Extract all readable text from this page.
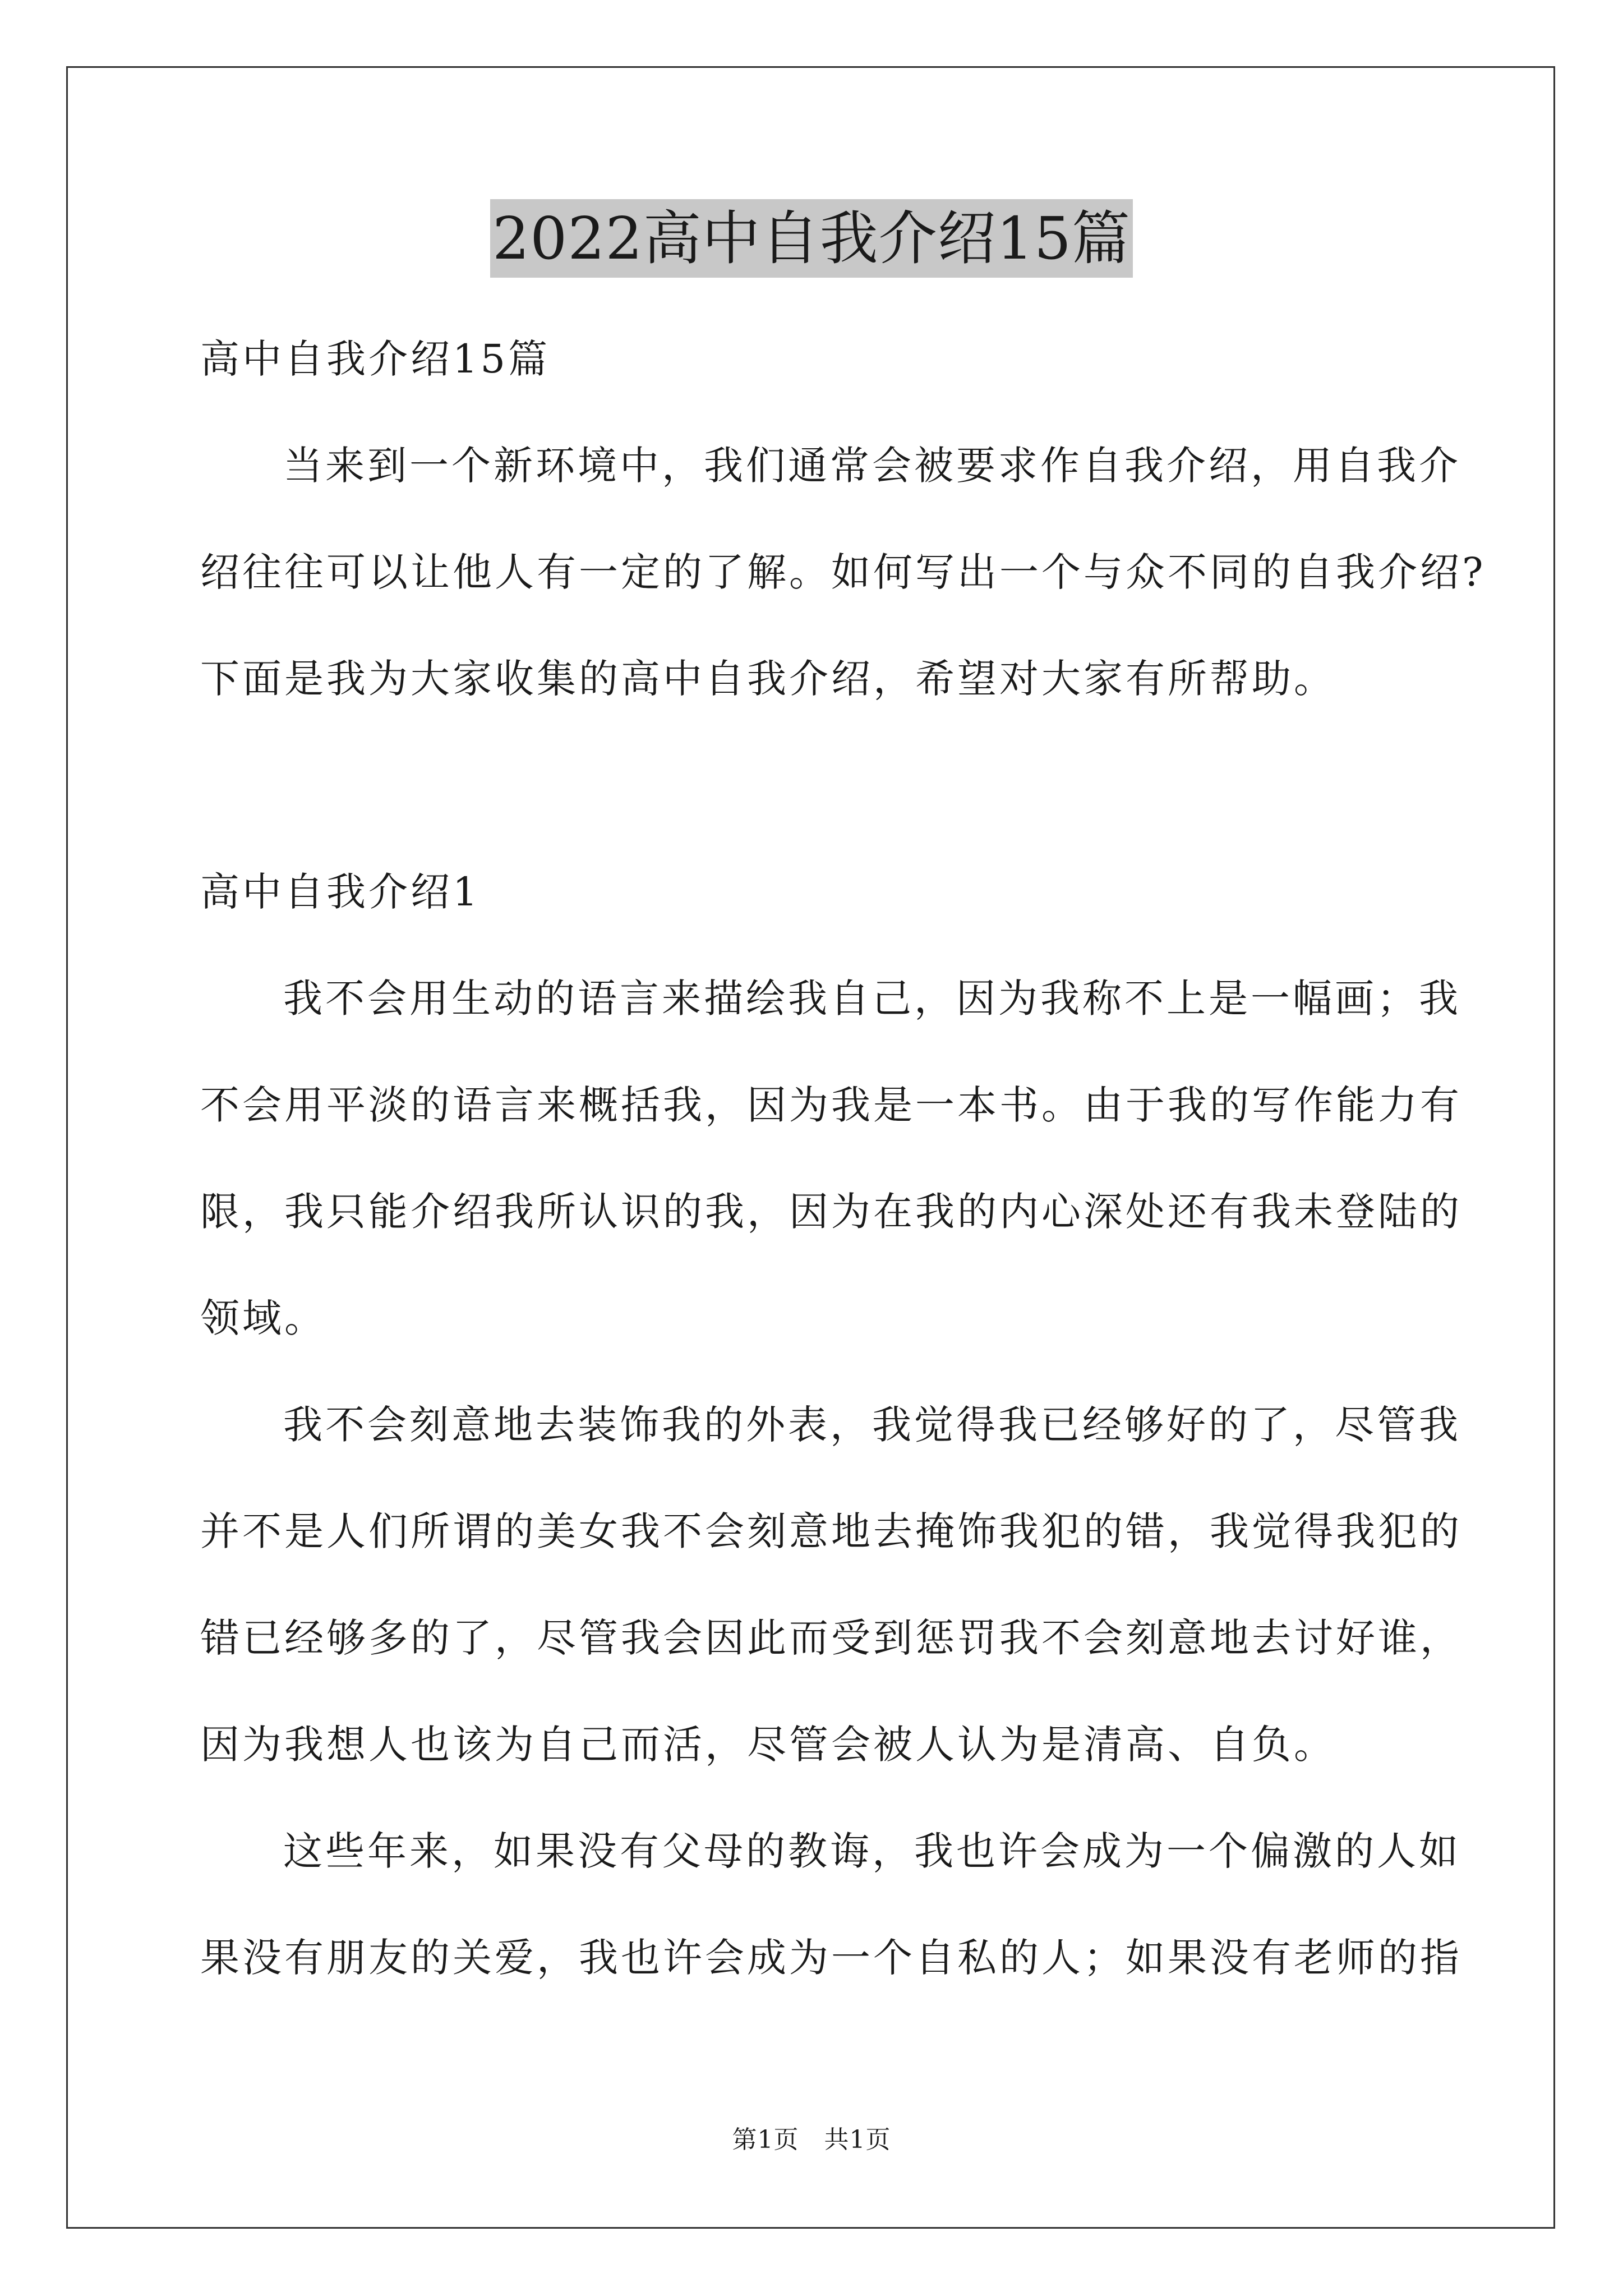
2022高中自我介绍15篇
高中自我介绍15篇
当来到一个新环境中，我们通常会被要求作自我介绍，用自我介
绍往往可以让他人有一定的了解。如何写出一个与众不同的自我介绍?
下面是我为大家收集的高中自我介绍，希望对大家有所帮助。
高中自我介绍1
我不会用生动的语言来描绘我自己，因为我称不上是一幅画；我
不会用平淡的语言来概括我，因为我是一本书。由于我的写作能力有
限，我只能介绍我所认识的我，因为在我的内心深处还有我未登陆的
领域。
我不会刻意地去装饰我的外表，我觉得我已经够好的了，尽管我
并不是人们所谓的美女我不会刻意地去掩饰我犯的错，我觉得我犯的
错已经够多的了，尽管我会因此而受到惩罚我不会刻意地去讨好谁，
因为我想人也该为自己而活，尽管会被人认为是清高、自负。
这些年来，如果没有父母的教诲，我也许会成为一个偏激的人如
果没有朋友的关爱，我也许会成为一个自私的人；如果没有老师的指
第1页 共1页
